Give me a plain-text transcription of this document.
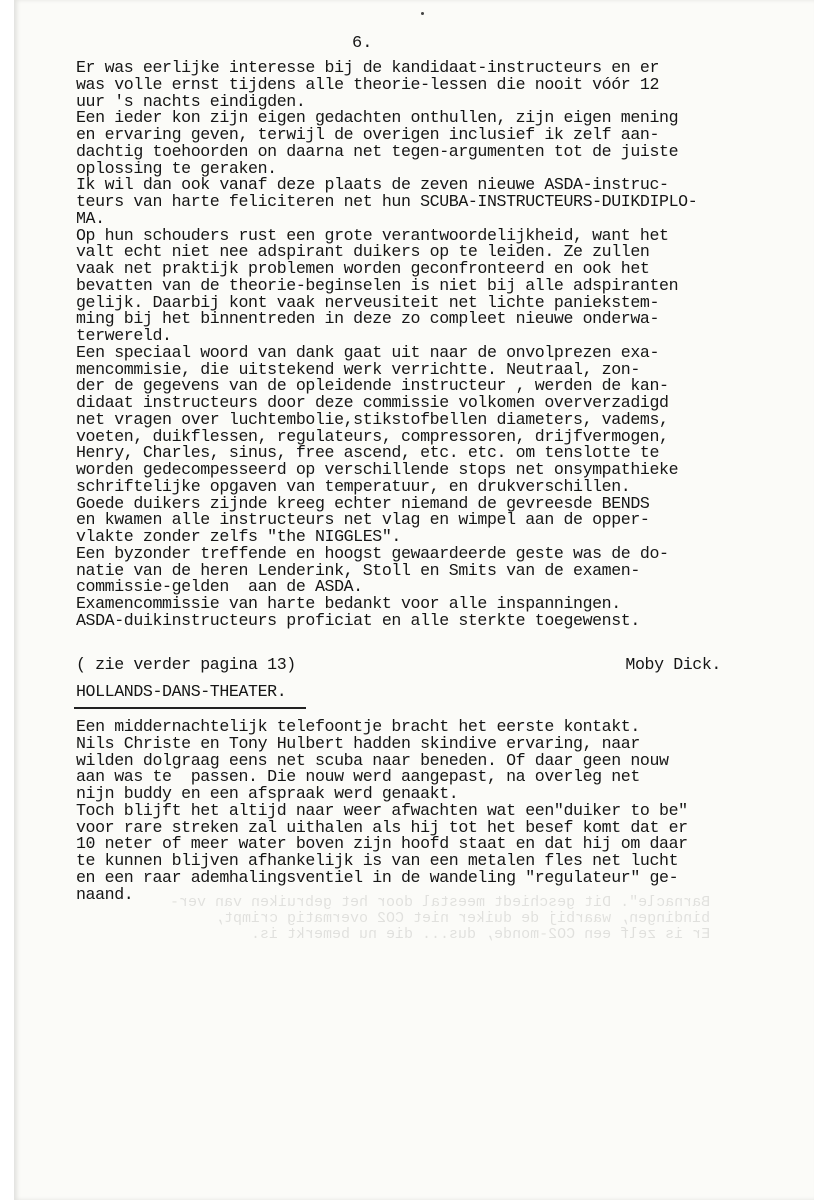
6.
Er was eerlijke interesse bij de kandidaat-instructeurs en er
was volle ernst tijdens alle theorie-lessen die nooit vóór 12
uur 's nachts eindigden.
Een ieder kon zijn eigen gedachten onthullen, zijn eigen mening
en ervaring geven, terwijl de overigen inclusief ik zelf aan-
dachtig toehoorden on daarna net tegen-argumenten tot de juiste
oplossing te geraken.
Ik wil dan ook vanaf deze plaats de zeven nieuwe ASDA-instruc-
teurs van harte feliciteren net hun SCUBA-INSTRUCTEURS-DUIKDIPLO-
MA.
Op hun schouders rust een grote verantwoordelijkheid, want het
valt echt niet nee adspirant duikers op te leiden. Ze zullen
vaak net praktijk problemen worden geconfronteerd en ook het
bevatten van de theorie-beginselen is niet bij alle adspiranten
gelijk. Daarbij kont vaak nerveusiteit net lichte paniekstem-
ming bij het binnentreden in deze zo compleet nieuwe onderwa-
terwereld.
Een speciaal woord van dank gaat uit naar de onvolprezen exa-
mencommisie, die uitstekend werk verrichtte. Neutraal, zon-
der de gegevens van de opleidende instructeur , werden de kan-
didaat instructeurs door deze commissie volkomen oververzadigd
net vragen over luchtembolie,stikstofbellen diameters, vadems,
voeten, duikflessen, regulateurs, compressoren, drijfvermogen,
Henry, Charles, sinus, free ascend, etc. etc. om tenslotte te
worden gedecompesseerd op verschillende stops net onsympathieke
schriftelijke opgaven van temperatuur, en drukverschillen.
Goede duikers zijnde kreeg echter niemand de gevreesde BENDS
en kwamen alle instructeurs net vlag en wimpel aan de opper-
vlakte zonder zelfs "the NIGGLES".
Een byzonder treffende en hoogst gewaardeerde geste was de do-
natie van de heren Lenderink, Stoll en Smits van de examen-
commissie-gelden  aan de ASDA.
Examencommissie van harte bedankt voor alle inspanningen.
ASDA-duikinstructeurs proficiat en alle sterkte toegewenst.
( zie verder pagina 13)	Moby Dick.
HOLLANDS-DANS-THEATER.
Een middernachtelijk telefoontje bracht het eerste kontakt.
Nils Christe en Tony Hulbert hadden skindive ervaring, naar
wilden dolgraag eens net scuba naar beneden. Of daar geen nouw
aan was te  passen. Die nouw werd aangepast, na overleg net
nijn buddy en een afspraak werd genaakt.
Toch blijft het altijd naar weer afwachten wat een"duiker to be"
voor rare streken zal uithalen als hij tot het besef komt dat er
10 neter of meer water boven zijn hoofd staat en dat hij om daar
te kunnen blijven afhankelijk is van een metalen fles net lucht
en een raar ademhalingsventiel in de wandeling "regulateur" ge-
naand.	Barnacle". Dit geschiedt meestal door het gebruiken van ver-
bindingen, waarbij de duiker niet CO2 overmatig crimpt,
Er is zelf een CO2-monde, dus... die nu bemerkt is.
